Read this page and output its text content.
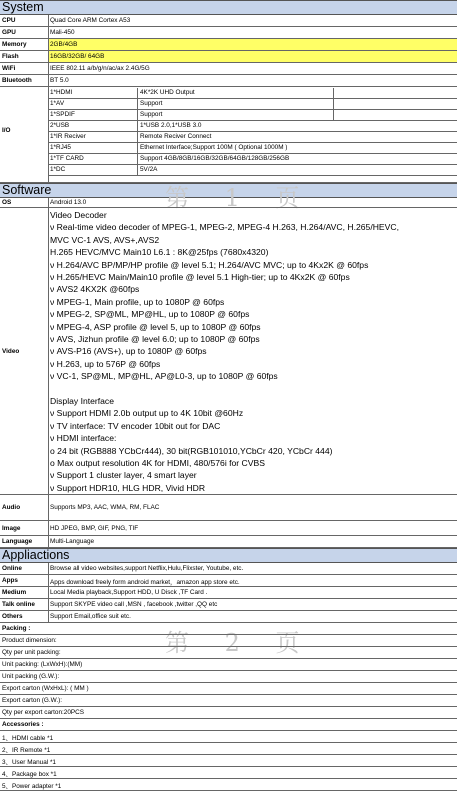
System
CPU	Quad Core ARM Cortex A53
GPU	Mali-450
Memory	2GB/4GB
Flash	16GB/32GB/ 64GB
WiFi	IEEE 802.11 a/b/g/n/ac/ax 2.4G/5G
Bluetooth	BT 5.0
I/O
1*HDMI	4K*2K UHD Output
1*AV	Support
1*SPDIF	Support
2*USB	1*USB 2.0,1*USB 3.0
1*IR Reciver	Remote Reciver Connect
1*RJ45	Ethernet Interface;Support 100M ( Optional 1000M )
1*TF CARD	Support 4GB/8GB/16GB/32GB/64GB/128GB/256GB
1*DC	5V/2A
Software	第 1 页
OS	Android 13.0
Video
Video Decoder
ν Real-time video decoder of MPEG-1, MPEG-2, MPEG-4 H.263, H.264/AVC, H.265/HEVC,
MVC VC-1 AVS, AVS+,AVS2
H.265 HEVC/MVC Main10 L6.1 : 8K@25fps (7680x4320)
ν H.264/AVC BP/MP/HP profile @ level 5.1; H.264/AVC MVC; up to 4Kx2K @ 60fps
ν H.265/HEVC Main/Main10 profile @ level 5.1 High-tier; up to 4Kx2K @ 60fps
ν AVS2 4KX2K @60fps
ν MPEG-1, Main profile, up to 1080P @ 60fps
ν MPEG-2, SP@ML, MP@HL, up to 1080P @ 60fps
ν MPEG-4, ASP profile @ level 5, up to 1080P @ 60fps
ν AVS, Jizhun profile @ level 6.0; up to 1080P @ 60fps
ν AVS-P16 (AVS+), up to 1080P @ 60fps
ν H.263, up to 576P @ 60fps
ν VC-1, SP@ML, MP@HL, AP@L0-3, up to 1080P @ 60fps
Display Interface
ν Support HDMI 2.0b output up to 4K 10bit @60Hz
ν TV interface: TV encoder 10bit out for DAC
ν HDMI interface:
ο 24 bit (RGB888 YCbCr444), 30 bit(RGB101010,YCbCr 420, YCbCr 444)
ο Max output resolution 4K for HDMI, 480/576i for CVBS
ν Support 1 cluster layer, 4 smart layer
ν Support HDR10, HLG HDR, Vivid HDR
Audio	Supports MP3, AAC, WMA, RM, FLAC
Image	HD JPEG, BMP, GIF, PNG, TIF
Language	Multi-Language
Appliactions
Online	Browse all video websites,support Netflix,Hulu,Flixster, Youtube, etc.
Apps	Apps download freely form android market，amazon app store etc.
Medium	Local Media playback,Support HDD, U Disck ,TF Card .
Talk online Support SKYPE video call ,MSN , facebook ,twitter ,QQ etc
Others	Support Email,office suit etc.
第 2 页
Packing :
Product dimension:
Qty per unit packing:
Unit packing: (LxWxH):(MM)
Unit packing (G.W.):
Export carton (WxHxL): ( MM )
Export carton (G.W.):
Qty per export carton:20PCS
Accessories :
1、HDMI cable *1
2、IR Remote *1
3、User Manual *1
4、Package box *1
5、Power adapter *1
